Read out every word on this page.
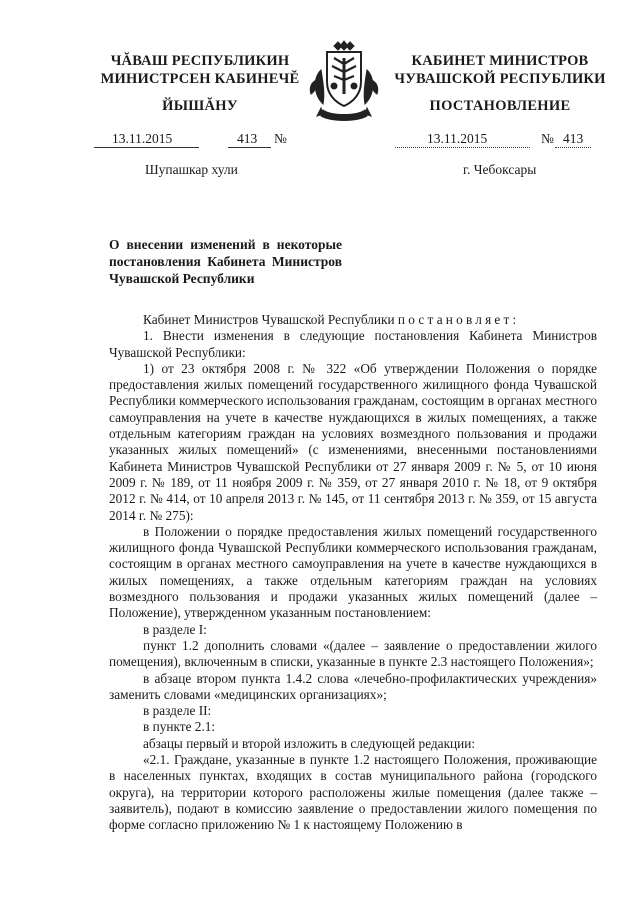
ЧĂВАШ РЕСПУБЛИКИН
МИНИСТРСЕН КАБИНЕЧĔ
ЙЫШĂНУ
КАБИНЕТ МИНИСТРОВ
ЧУВАШСКОЙ РЕСПУБЛИКИ
ПОСТАНОВЛЕНИЕ
13.11.2015	413 №	13.11.2015	№ 413
Шупашкар хули	г. Чебоксары
О внесении изменений в некоторые постановления Кабинета Министров Чувашской Республики

Кабинет Министров Чувашской Республики постановляет:

1. Внести изменения в следующие постановления Кабинета Министров Чувашской Республики:

1) от 23 октября 2008 г. № 322 «Об утверждении Положения о порядке предоставления жилых помещений государственного жилищного фонда Чувашской Республики коммерческого использования гражданам, состоящим в органах местного самоуправления на учете в качестве нуждающихся в жилых помещениях, а также отдельным категориям граждан на условиях возмездного пользования и продажи указанных жилых помещений» (с изменениями, внесенными постановлениями Кабинета Министров Чувашской Республики от 27 января 2009 г. № 5, от 10 июня 2009 г. № 189, от 11 ноября 2009 г. № 359, от 27 января 2010 г. № 18, от 9 октября 2012 г. № 414, от 10 апреля 2013 г. № 145, от 11 сентября 2013 г. № 359, от 15 августа 2014 г. № 275):

в Положении о порядке предоставления жилых помещений государственного жилищного фонда Чувашской Республики коммерческого использования гражданам, состоящим в органах местного самоуправления на учете в качестве нуждающихся в жилых помещениях, а также отдельным категориям граждан на условиях возмездного пользования и продажи указанных жилых помещений (далее – Положение), утвержденном указанным постановлением:

в разделе I:

пункт 1.2 дополнить словами «(далее – заявление о предоставлении жилого помещения), включенным в списки, указанные в пункте 2.3 настоящего Положения»;

в абзаце втором пункта 1.4.2 слова «лечебно-профилактических учреждения» заменить словами «медицинских организациях»;

в разделе II:

в пункте 2.1:

абзацы первый и второй изложить в следующей редакции:

«2.1. Граждане, указанные в пункте 1.2 настоящего Положения, проживающие в населенных пунктах, входящих в состав муниципального района (городского округа), на территории которого расположены жилые помещения (далее также – заявитель), подают в комиссию заявление о предоставлении жилого помещения по форме согласно приложению № 1 к настоящему Положению в
